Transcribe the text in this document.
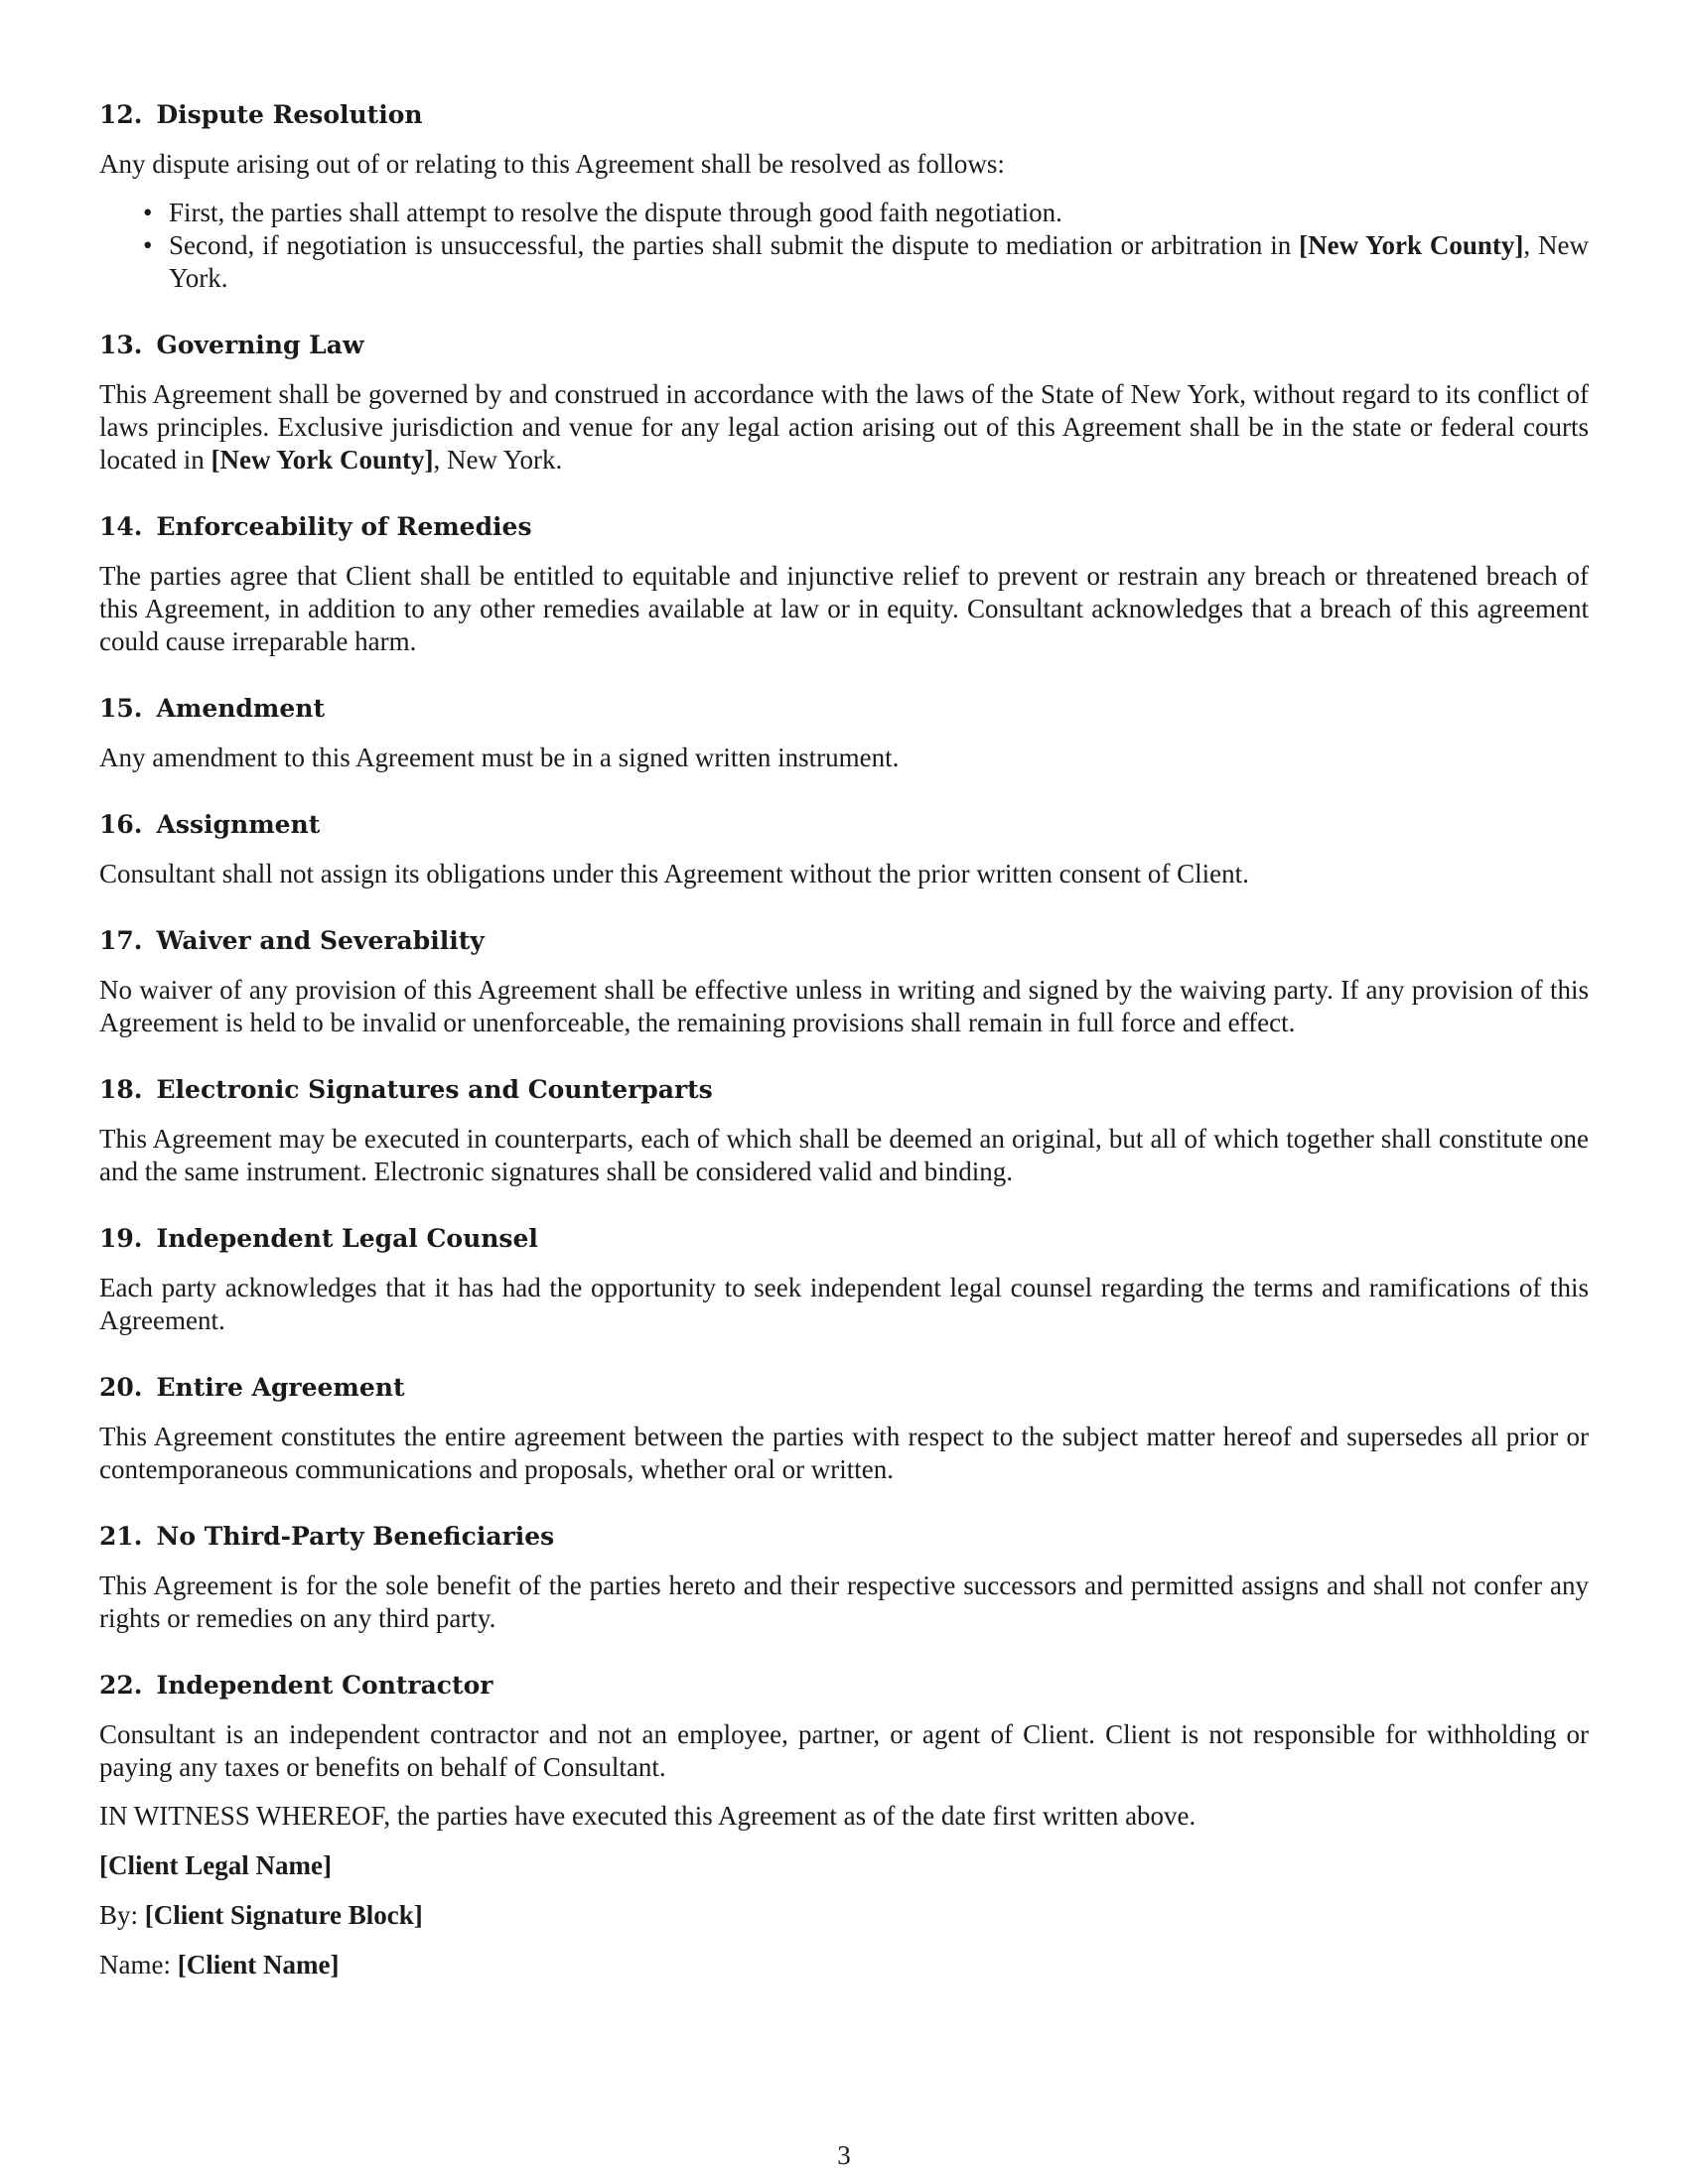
12. Dispute Resolution
Any dispute arising out of or relating to this Agreement shall be resolved as follows:
• First, the parties shall attempt to resolve the dispute through good faith negotiation.
• Second, if negotiation is unsuccessful, the parties shall submit the dispute to mediation or arbitration in [New York County], New York.
13. Governing Law
This Agreement shall be governed by and construed in accordance with the laws of the State of New York, without regard to its conflict of laws principles. Exclusive jurisdiction and venue for any legal action arising out of this Agreement shall be in the state or federal courts located in [New York County], New York.
14. Enforceability of Remedies
The parties agree that Client shall be entitled to equitable and injunctive relief to prevent or restrain any breach or threatened breach of this Agreement, in addition to any other remedies available at law or in equity. Consultant acknowledges that a breach of this agreement could cause irreparable harm.
15. Amendment
Any amendment to this Agreement must be in a signed written instrument.
16. Assignment
Consultant shall not assign its obligations under this Agreement without the prior written consent of Client.
17. Waiver and Severability
No waiver of any provision of this Agreement shall be effective unless in writing and signed by the waiving party. If any provision of this Agreement is held to be invalid or unenforceable, the remaining provisions shall remain in full force and effect.
18. Electronic Signatures and Counterparts
This Agreement may be executed in counterparts, each of which shall be deemed an original, but all of which together shall constitute one and the same instrument. Electronic signatures shall be considered valid and binding.
19. Independent Legal Counsel
Each party acknowledges that it has had the opportunity to seek independent legal counsel regarding the terms and ramifications of this Agreement.
20. Entire Agreement
This Agreement constitutes the entire agreement between the parties with respect to the subject matter hereof and supersedes all prior or contemporaneous communications and proposals, whether oral or written.
21. No Third-Party Beneficiaries
This Agreement is for the sole benefit of the parties hereto and their respective successors and permitted assigns and shall not confer any rights or remedies on any third party.
22. Independent Contractor
Consultant is an independent contractor and not an employee, partner, or agent of Client. Client is not responsible for withholding or paying any taxes or benefits on behalf of Consultant.
IN WITNESS WHEREOF, the parties have executed this Agreement as of the date first written above.
[Client Legal Name]
By: [Client Signature Block]
Name: [Client Name]
3
